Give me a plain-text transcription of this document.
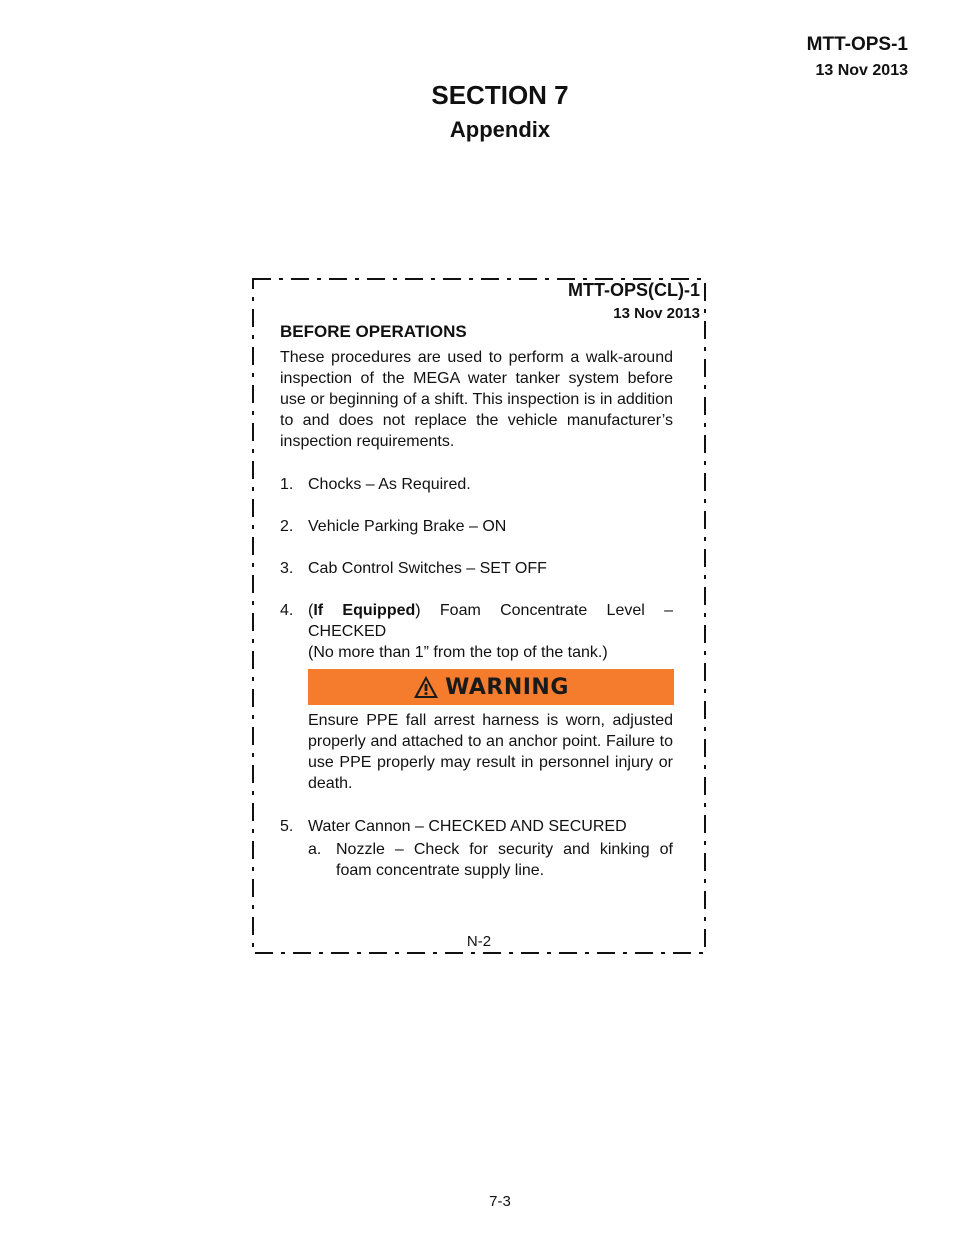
MTT-OPS-1
13 Nov 2013
SECTION 7
Appendix
MTT-OPS(CL)-1
13 Nov 2013
BEFORE OPERATIONS
These procedures are used to perform a walk-around inspection of the MEGA water tanker system before use or beginning of a shift. This inspection is in addition to and does not replace the vehicle manufacturer’s inspection requirements.
1. Chocks – As Required.
2. Vehicle Parking Brake – ON
3. Cab Control Switches – SET OFF
4. (If Equipped) Foam Concentrate Level – CHECKED
(No more than 1” from the top of the tank.)
WARNING
Ensure PPE fall arrest harness is worn, adjusted properly and attached to an anchor point. Failure to use PPE properly may result in personnel injury or death.
5. Water Cannon – CHECKED AND SECURED
a. Nozzle – Check for security and kinking of foam concentrate supply line.
N-2
7-3
